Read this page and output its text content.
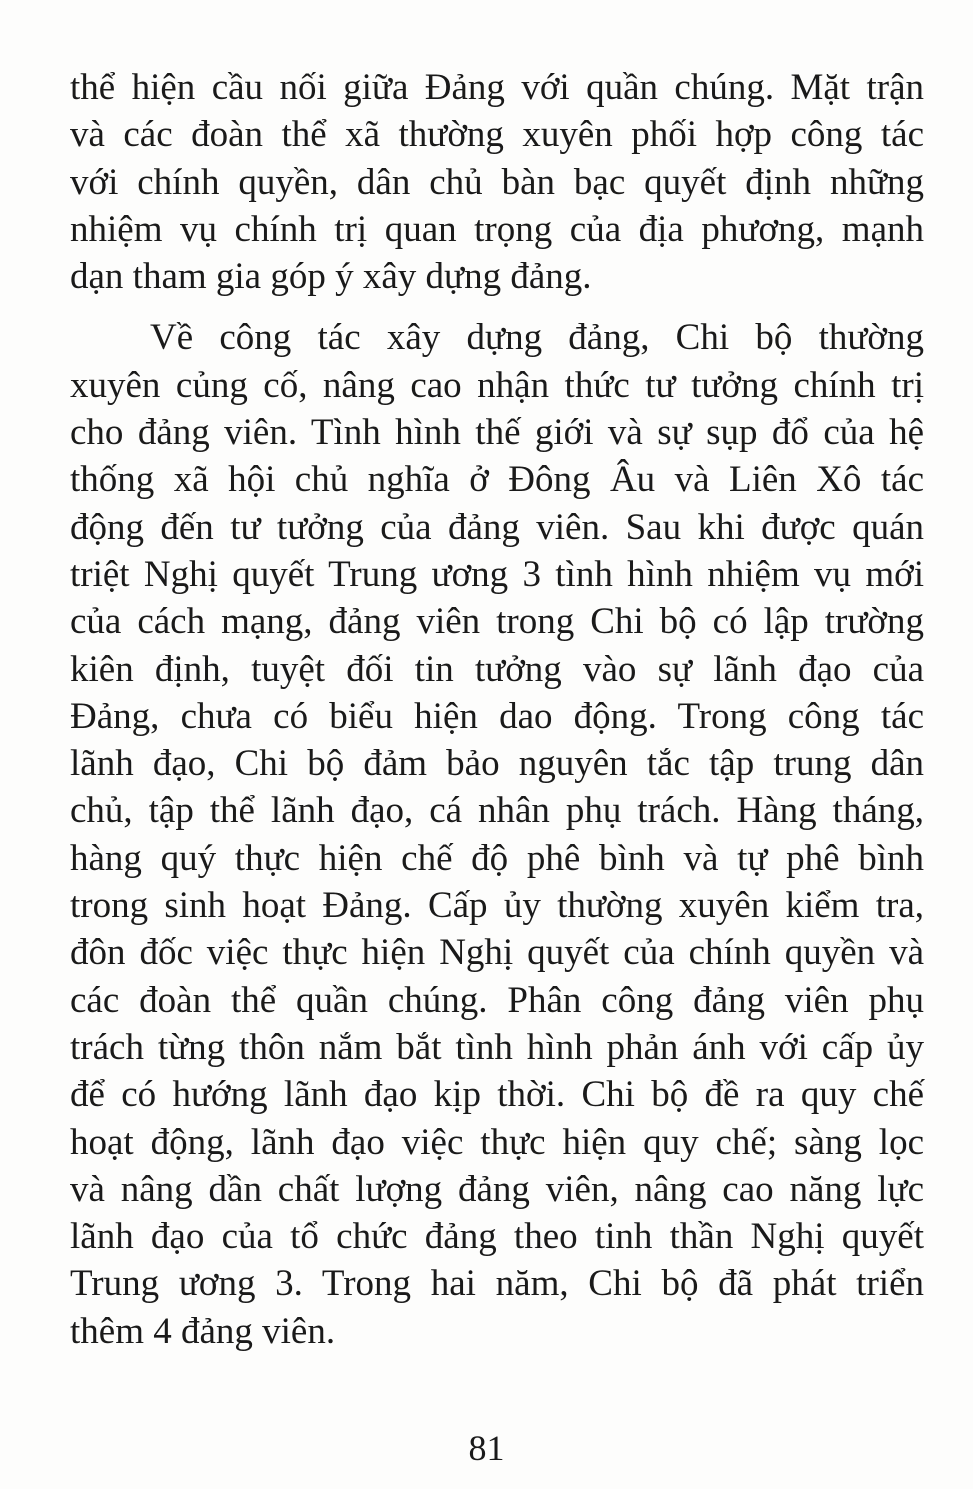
thể hiện cầu nối giữa Đảng với quần chúng. Mặt trận
và các đoàn thể xã thường xuyên phối hợp công tác
với chính quyền, dân chủ bàn bạc quyết định những
nhiệm vụ chính trị quan trọng của địa phương, mạnh
dạn tham gia góp ý xây dựng đảng.

Về công tác xây dựng đảng, Chi bộ thường
xuyên củng cố, nâng cao nhận thức tư tưởng chính trị
cho đảng viên. Tình hình thế giới và sự sụp đổ của hệ
thống xã hội chủ nghĩa ở Đông Âu và Liên Xô tác
động đến tư tưởng của đảng viên. Sau khi được quán
triệt Nghị quyết Trung ương 3 tình hình nhiệm vụ mới
của cách mạng, đảng viên trong Chi bộ có lập trường
kiên định, tuyệt đối tin tưởng vào sự lãnh đạo của
Đảng, chưa có biểu hiện dao động. Trong công tác
lãnh đạo, Chi bộ đảm bảo nguyên tắc tập trung dân
chủ, tập thể lãnh đạo, cá nhân phụ trách. Hàng tháng,
hàng quý thực hiện chế độ phê bình và tự phê bình
trong sinh hoạt Đảng. Cấp ủy thường xuyên kiểm tra,
đôn đốc việc thực hiện Nghị quyết của chính quyền và
các đoàn thể quần chúng. Phân công đảng viên phụ
trách từng thôn nắm bắt tình hình phản ánh với cấp ủy
để có hướng lãnh đạo kịp thời. Chi bộ đề ra quy chế
hoạt động, lãnh đạo việc thực hiện quy chế; sàng lọc
và nâng dần chất lượng đảng viên, nâng cao năng lực
lãnh đạo của tổ chức đảng theo tinh thần Nghị quyết
Trung ương 3. Trong hai năm, Chi bộ đã phát triển
thêm 4 đảng viên.

81
